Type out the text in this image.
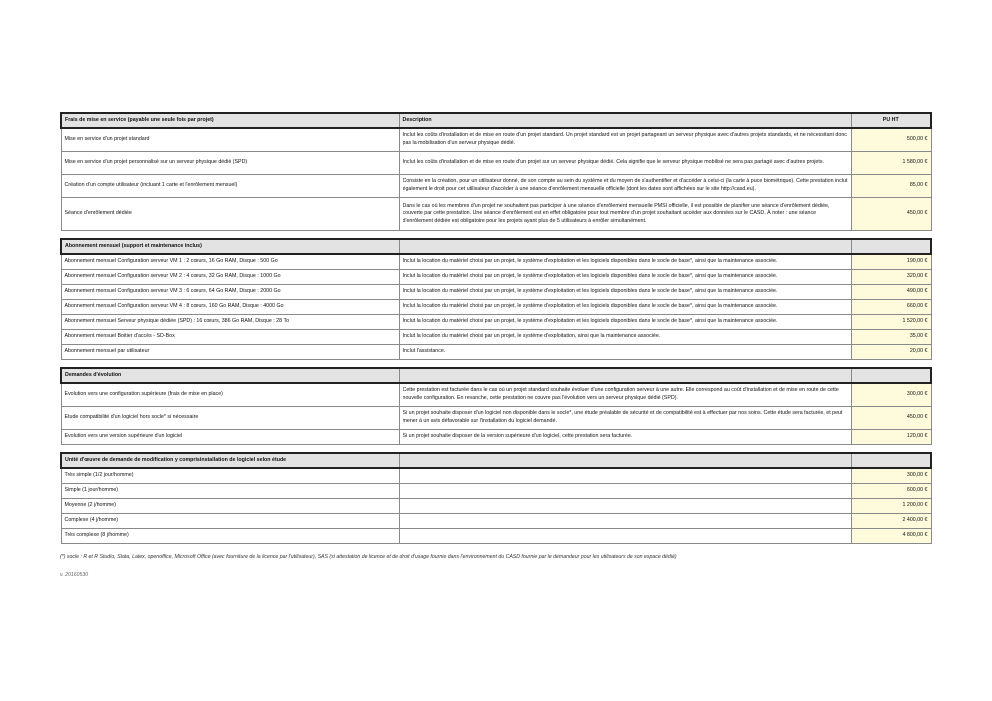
Frais de mise en service (payable une seule fois par projet)	Description	PU HT
Mise en service d'un projet standard	Inclut les coûts d'installation et de mise en route d'un projet standard. Un projet standard est un projet partageant un serveur physique avec d'autres projets standards, et ne nécessitant donc pas la mobilisation d'un serveur physique dédié.	500,00 €
Mise en service d'un projet personnalisé sur un serveur physique dédié (SPD)	Inclut les coûts d'installation et de mise en route d'un projet sur un serveur physique dédié. Cela signifie que le serveur physique mobilisé ne sera pas partagé avec d'autres projets.	1 580,00 €
Création d'un compte utilisateur (incluant 1 carte et l'enrôlement mensuel)	Consiste en la création, pour un utilisateur donné, de son compte au sein du système et du moyen de s'authentifier et d'accéder à celui-ci (la carte à puce biométrique). Cette prestation inclut également le droit pour cet utilisateur d'accéder à une séance d'enrôlement mensuelle officielle (dont les dates sont affichées sur le site http://casd.eu).	85,00 €
Séance d'enrôlement dédiée	Dans le cas où les membres d'un projet ne souhaitent pas participer à une séance d'enrôlement mensuelle PMSI officielle, il est possible de planifier une séance d'enrôlement dédiée, couverte par cette prestation. Une séance d'enrôlement est en effet obligatoire pour tout membre d'un projet souhaitant accéder aux données sur le CASD. À noter : une séance d'enrôlement dédiée est obligatoire pour les projets ayant plus de 5 utilisateurs à enrôler simultanément.	450,00 €
Abonnement mensuel (support et maintenance inclus)		
Abonnement mensuel Configuration serveur VM 1 : 2 cœurs, 16 Go RAM, Disque : 500 Go	Inclut la location du matériel choisi par un projet, le système d'exploitation et les logiciels disponibles dans le socle de base*, ainsi que la maintenance associée.	190,00 €
Abonnement mensuel Configuration serveur VM 2 : 4 cœurs, 32 Go RAM, Disque : 1000 Go	Inclut la location du matériel choisi par un projet, le système d'exploitation et les logiciels disponibles dans le socle de base*, ainsi que la maintenance associée.	320,00 €
Abonnement mensuel Configuration serveur VM 3 : 6 cœurs, 64 Go RAM, Disque : 2000 Go	Inclut la location du matériel choisi par un projet, le système d'exploitation et les logiciels disponibles dans le socle de base*, ainsi que la maintenance associée.	490,00 €
Abonnement mensuel Configuration serveur VM 4 : 8 cœurs, 160 Go RAM, Disque : 4000 Go	Inclut la location du matériel choisi par un projet, le système d'exploitation et les logiciels disponibles dans le socle de base*, ainsi que la maintenance associée.	660,00 €
Abonnement mensuel Serveur physique dédiée (SPD) : 16 cœurs, 386 Go RAM, Disque : 28 To	Inclut la location du matériel choisi par un projet, le système d'exploitation et les logiciels disponibles dans le socle de base*, ainsi que la maintenance associée.	1 520,00 €
Abonnement mensuel Boitier d'accès - SD-Box	Inclut la location du matériel choisi par un projet, le système d'exploitation, ainsi que la maintenance associée.	35,00 €
Abonnement mensuel par utilisateur	Inclut l'assistance.	20,00 €
Demandes d'évolution		
Evolution vers une configuration supérieure (frais de mise en place)	Cette prestation est facturée dans le cas où un projet standard souhaite évoluer d'une configuration serveur à une autre. Elle correspond au coût d'installation et de mise en route de cette nouvelle configuration. En revanche, cette prestation ne couvre pas l'évolution vers un serveur physique dédié (SPD).	300,00 €
Etude compatibilité d'un logiciel hors socle* si nécessaire	Si un projet souhaite disposer d'un logiciel non disponible dans le socle*, une étude préalable de sécurité et de compatibilité est à effectuer par nos soins. Cette étude sera facturée, et peut mener à un avis défavorable sur l'installation du logiciel demandé.	450,00 €
Evolution vers une version supérieure d'un logiciel	Si un projet souhaite disposer de la version supérieure d'un logiciel, cette prestation sera facturée.	120,00 €
Unité d'œuvre de demande de modification y comprisinstallation de logiciel selon étude		
Très simple (1/2 jour/homme)		300,00 €
Simple (1 jour/homme)		600,00 €
Moyenne (2 j/homme)		1 200,00 €
Complexe (4 j/homme)		2 400,00 €
Très complexe (8 j/homme)		4 800,00 €
(*) socle : R et R Studio, Stata, Latex, openoffice, Microsoft Office (avec fourniture de la licence par l'utilisateur), SAS (si attestation de licence et de droit d'usage fournie dans l'environnement du CASD fournie par le demandeur pour les utilisateurs de son espace dédié)
v. 20160530
